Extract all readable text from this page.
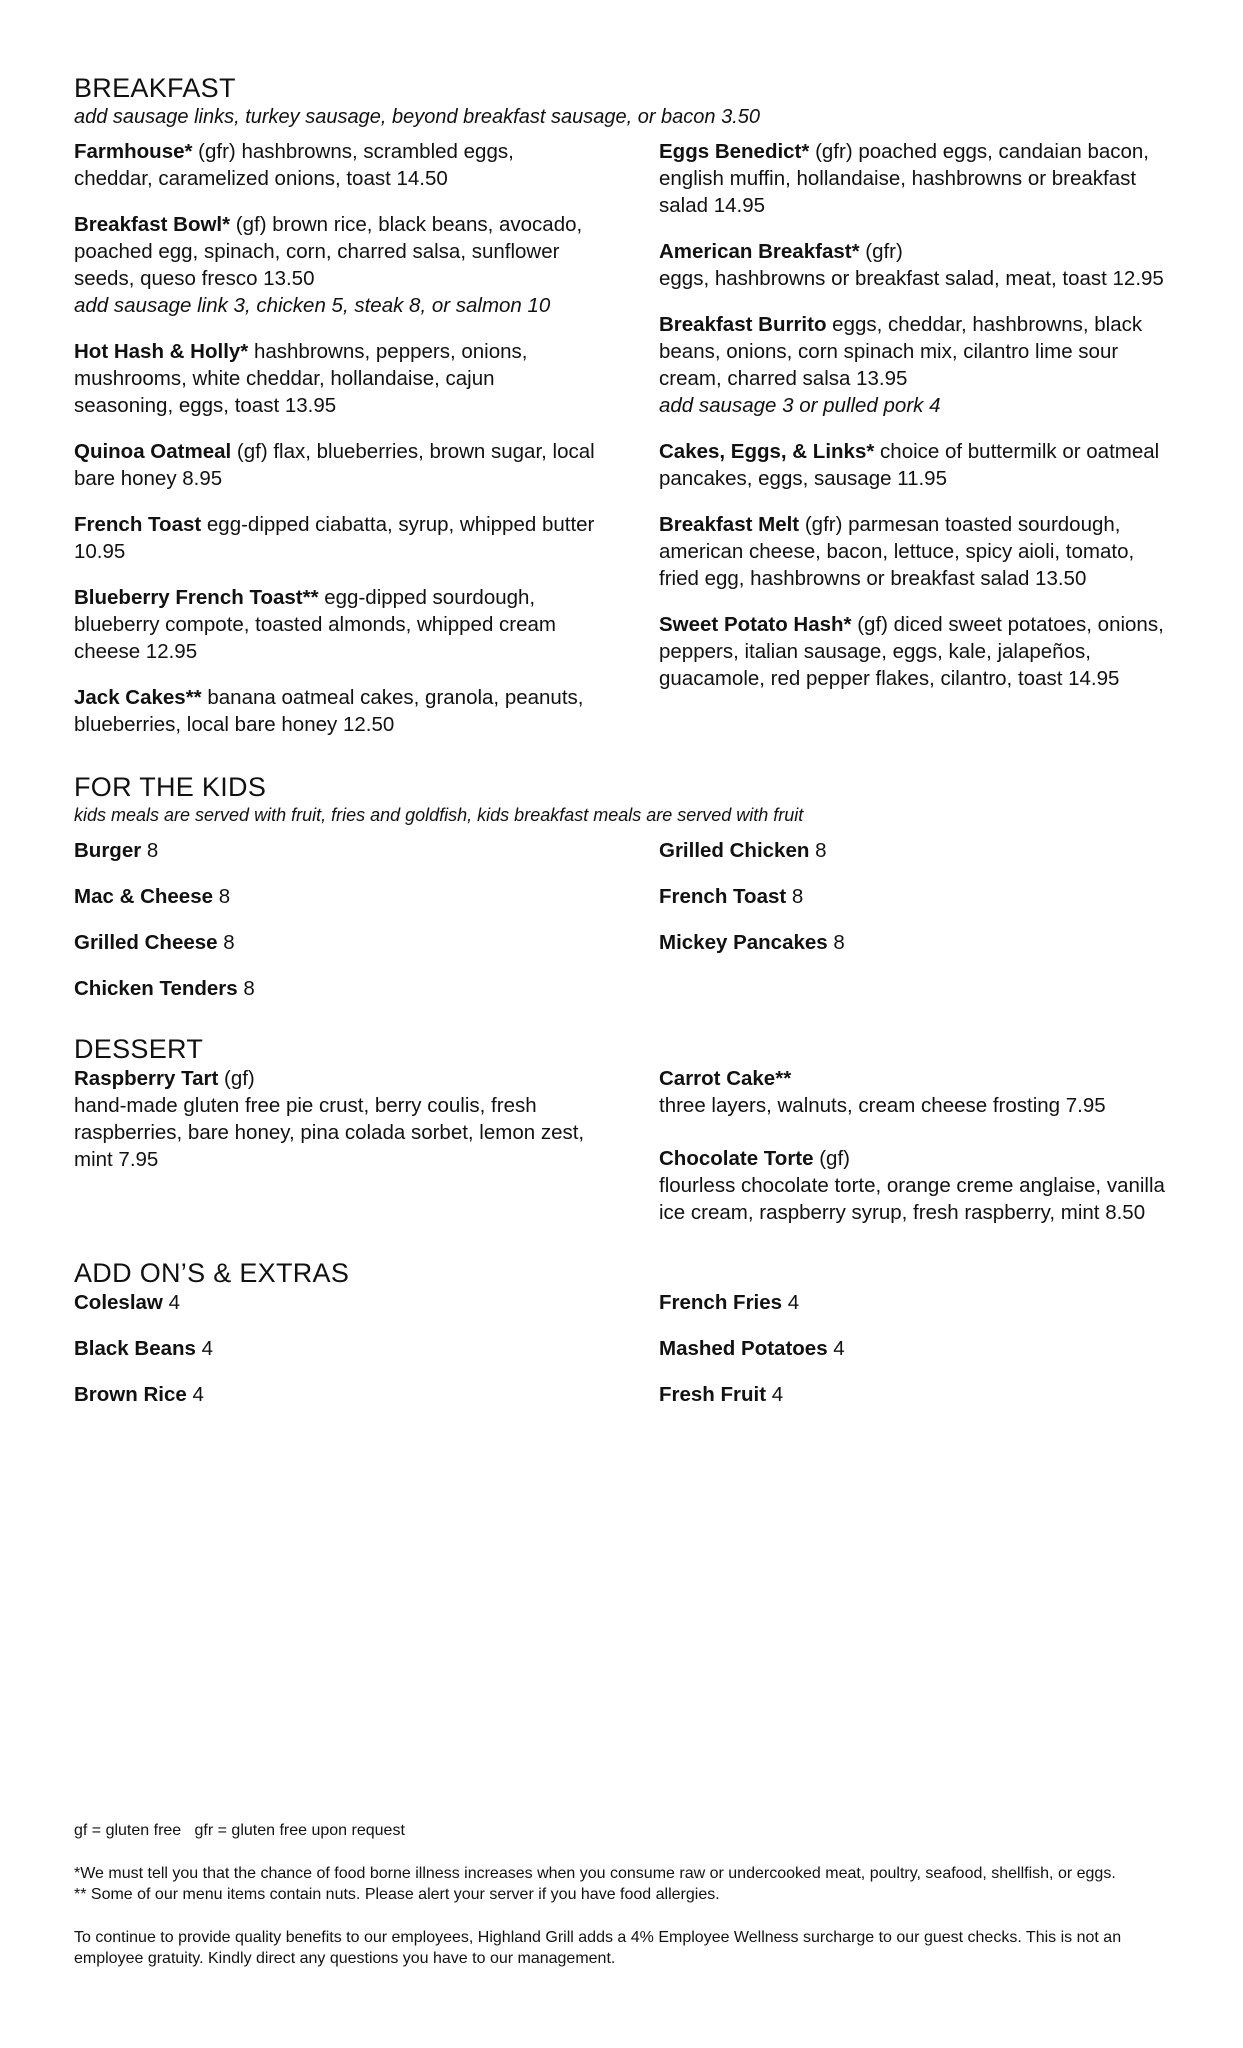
BREAKFAST

add sausage links, turkey sausage, beyond breakfast sausage, or bacon 3.50

Farmhouse* (gfr) hashbrowns, scrambled eggs, cheddar, caramelized onions, toast 14.50
Breakfast Bowl* (gf) brown rice, black beans, avocado, poached egg, spinach, corn, charred salsa, sunflower seeds, queso fresco 13.50
add sausage link 3, chicken 5, steak 8, or salmon 10
Hot Hash & Holly* hashbrowns, peppers, onions, mushrooms, white cheddar, hollandaise, cajun seasoning, eggs, toast 13.95
Quinoa Oatmeal (gf) flax, blueberries, brown sugar, local bare honey 8.95
French Toast egg-dipped ciabatta, syrup, whipped butter 10.95
Blueberry French Toast** egg-dipped sourdough, blueberry compote, toasted almonds, whipped cream cheese 12.95
Jack Cakes** banana oatmeal cakes, granola, peanuts, blueberries, local bare honey 12.50
Eggs Benedict* (gfr) poached eggs, candaian bacon, english muffin, hollandaise, hashbrowns or breakfast salad 14.95
American Breakfast* (gfr)
eggs, hashbrowns or breakfast salad, meat, toast 12.95
Breakfast Burrito eggs, cheddar, hashbrowns, black beans, onions, corn spinach mix, cilantro lime sour cream, charred salsa 13.95
add sausage 3 or pulled pork 4
Cakes, Eggs, & Links* choice of buttermilk or oatmeal pancakes, eggs, sausage 11.95
Breakfast Melt (gfr) parmesan toasted sourdough, american cheese, bacon, lettuce, spicy aioli, tomato, fried egg, hashbrowns or breakfast salad 13.50
Sweet Potato Hash* (gf) diced sweet potatoes, onions, peppers, italian sausage, eggs, kale, jalapeños, guacamole, red pepper flakes, cilantro, toast 14.95
FOR THE KIDS

kids meals are served with fruit, fries and goldfish, kids breakfast meals are served with fruit

Burger 8
Mac & Cheese 8
Grilled Cheese 8
Chicken Tenders 8
Grilled Chicken 8
French Toast 8
Mickey Pancakes 8
DESSERT
Raspberry Tart (gf)
hand-made gluten free pie crust, berry coulis, fresh raspberries, bare honey, pina colada sorbet, lemon zest, mint 7.95
Carrot Cake**
three layers, walnuts, cream cheese frosting 7.95
Chocolate Torte (gf)
flourless chocolate torte, orange creme anglaise, vanilla ice cream, raspberry syrup, fresh raspberry, mint 8.50
ADD ON’S & EXTRAS
Coleslaw 4
Black Beans 4
Brown Rice 4
French Fries 4
Mashed Potatoes 4
Fresh Fruit 4

gf = gluten free   gfr = gluten free upon request

*We must tell you that the chance of food borne illness increases when you consume raw or undercooked meat, poultry, seafood, shellfish, or eggs.
** Some of our menu items contain nuts. Please alert your server if you have food allergies.

To continue to provide quality benefits to our employees, Highland Grill adds a 4% Employee Wellness surcharge to our guest checks. This is not an employee gratuity. Kindly direct any questions you have to our management.
